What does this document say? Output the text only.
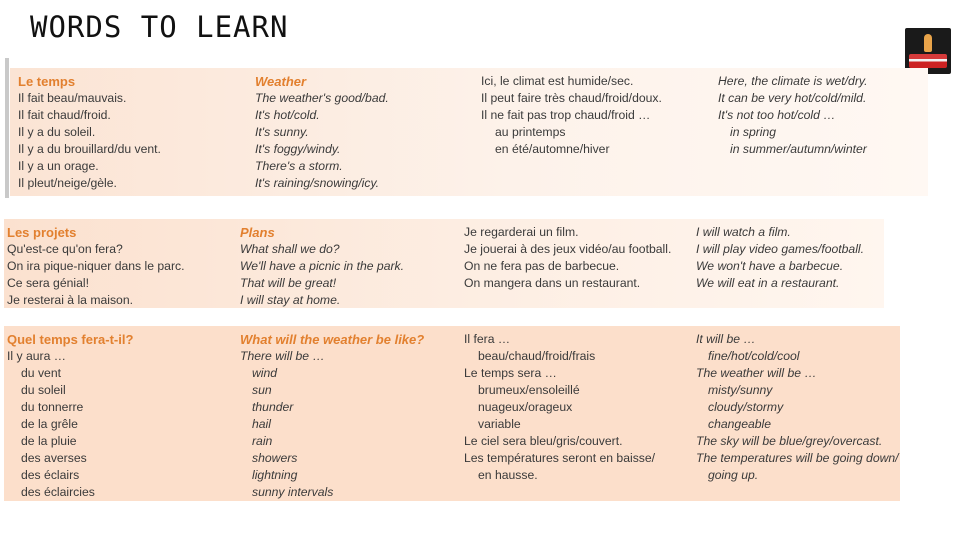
WORDS TO LEARN
Le temps
Il fait beau/mauvais.
Il fait chaud/froid.
Il y a du soleil.
Il y a du brouillard/du vent.
Il y a un orage.
Il pleut/neige/gèle.
Weather
The weather's good/bad.
It's hot/cold.
It's sunny.
It's foggy/windy.
There's a storm.
It's raining/snowing/icy.
Ici, le climat est humide/sec.
Il peut faire très chaud/froid/doux.
Il ne fait pas trop chaud/froid …
au printemps
en été/automne/hiver
Here, the climate is wet/dry.
It can be very hot/cold/mild.
It's not too hot/cold …
in spring
in summer/autumn/winter
Les projets
Qu'est-ce qu'on fera?
On ira pique-niquer dans le parc.
Ce sera génial!
Je resterai à la maison.
Plans
What shall we do?
We'll have a picnic in the park.
That will be great!
I will stay at home.
Je regarderai un film.
Je jouerai à des jeux vidéo/au football.
On ne fera pas de barbecue.
On mangera dans un restaurant.
I will watch a film.
I will play video games/football.
We won't have a barbecue.
We will eat in a restaurant.
Quel temps fera-t-il?
Il y aura …
du vent
du soleil
du tonnerre
de la grêle
de la pluie
des averses
des éclairs
des éclaircies
What will the weather be like?
There will be …
wind
sun
thunder
hail
rain
showers
lightning
sunny intervals
Il fera …
beau/chaud/froid/frais
Le temps sera …
brumeux/ensoleillé
nuageux/orageux
variable
Le ciel sera bleu/gris/couvert.
Les températures seront en baisse/
en hausse.
It will be …
fine/hot/cold/cool
The weather will be …
misty/sunny
cloudy/stormy
changeable
The sky will be blue/grey/overcast.
The temperatures will be going down/
going up.
